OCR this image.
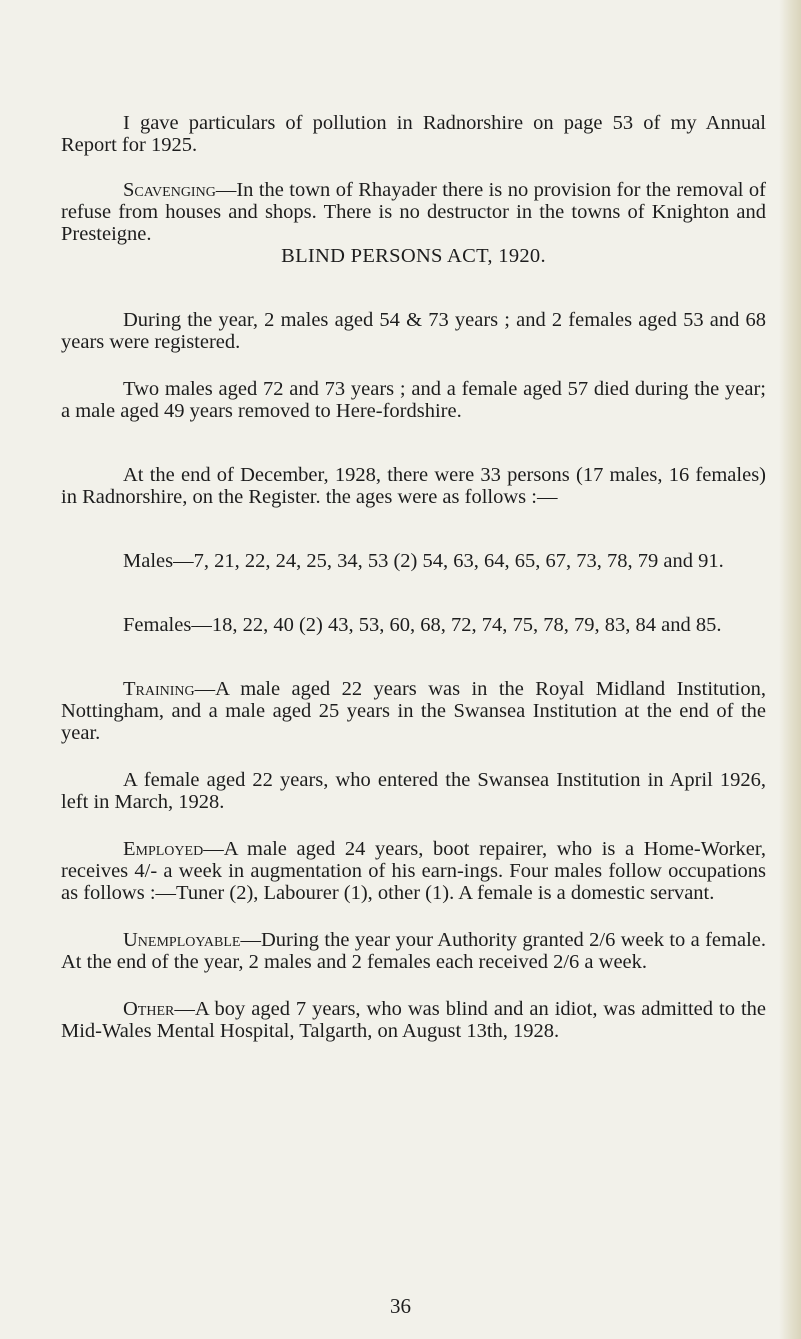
I gave particulars of pollution in Radnorshire on page 53 of my Annual Report for 1925.

Scavenging—In the town of Rhayader there is no provision for the removal of refuse from houses and shops. There is no destructor in the towns of Knighton and Presteigne.

BLIND PERSONS ACT, 1920.

During the year, 2 males aged 54 & 73 years ; and 2 females aged 53 and 68 years were registered.

Two males aged 72 and 73 years ; and a female aged 57 died during the year; a male aged 49 years removed to Here-fordshire.

At the end of December, 1928, there were 33 persons (17 males, 16 females) in Radnorshire, on the Register. the ages were as follows :—

Males—7, 21, 22, 24, 25, 34, 53 (2) 54, 63, 64, 65, 67, 73, 78, 79 and 91.

Females—18, 22, 40 (2) 43, 53, 60, 68, 72, 74, 75, 78, 79, 83, 84 and 85.

Training—A male aged 22 years was in the Royal Midland Institution, Nottingham, and a male aged 25 years in the Swansea Institution at the end of the year.

A female aged 22 years, who entered the Swansea Institution in April 1926, left in March, 1928.

Employed—A male aged 24 years, boot repairer, who is a Home-Worker, receives 4/- a week in augmentation of his earn-ings. Four males follow occupations as follows :—Tuner (2), Labourer (1), other (1). A female is a domestic servant.

Unemployable—During the year your Authority granted 2/6 week to a female. At the end of the year, 2 males and 2 females each received 2/6 a week.

Other—A boy aged 7 years, who was blind and an idiot, was admitted to the Mid-Wales Mental Hospital, Talgarth, on August 13th, 1928.

36
